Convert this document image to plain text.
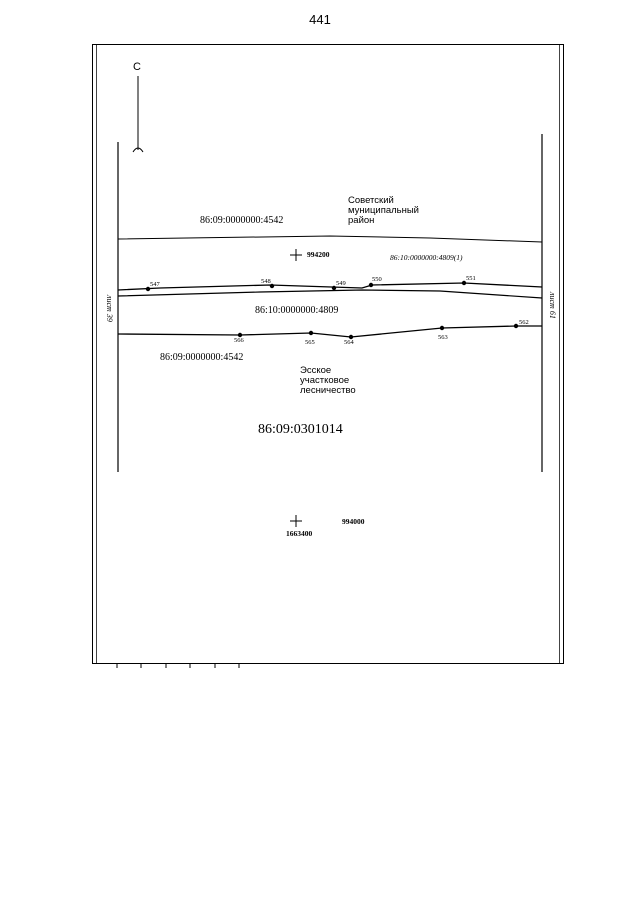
441
С
лист 39	лист 61
86:09:0000000:4542
86:10:0000000:4809(1)
86:10:0000000:4809
86:09:0000000:4542
86:09:0301014
Советский
муниципальный
район
Эсское
участковое
лесничество
994200
994000
1663400
547	548	549
550	551
562
563
564
565
566
